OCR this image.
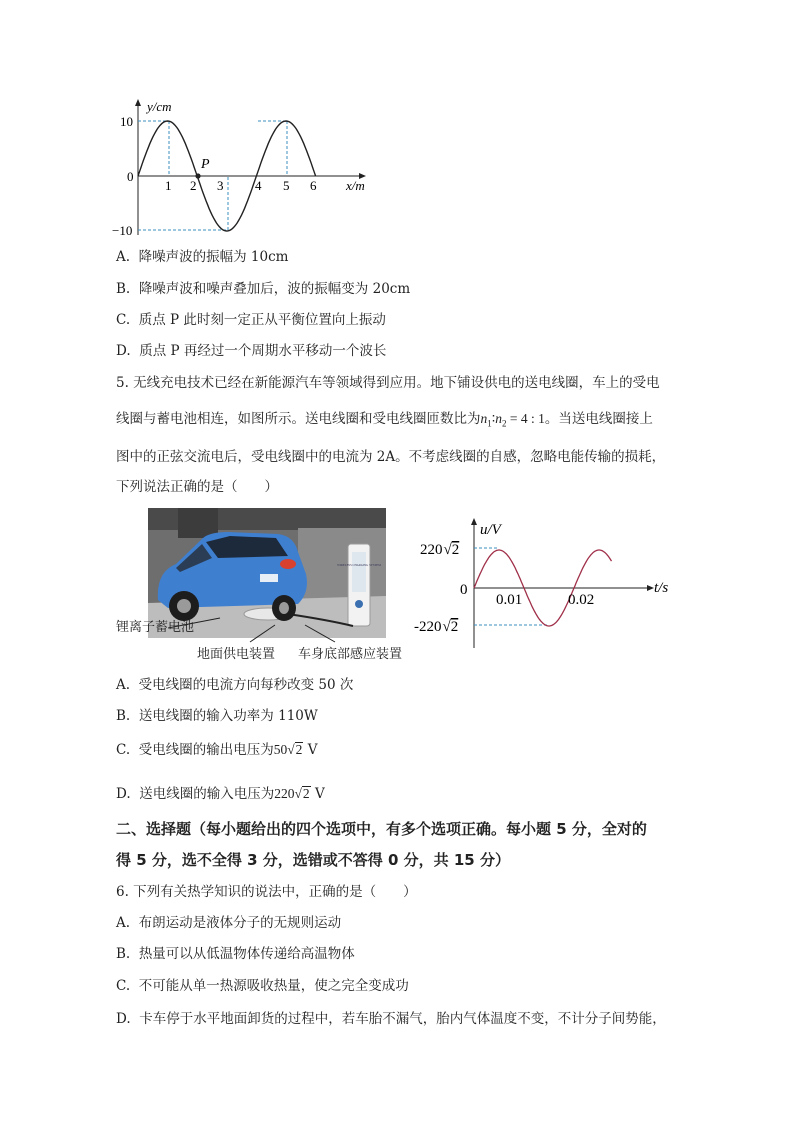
P
y/cm
x/m
10
0
−10
1 2 3 4 5 6
A. 降噪声波的振幅为 10cm
B. 降噪声波和噪声叠加后，波的振幅变为 20cm
C. 质点 P 此时刻一定正从平衡位置向上振动
D. 质点 P 再经过一个周期水平移动一个波长
5. 无线充电技术已经在新能源汽车等领域得到应用。地下铺设供电的送电线圈，车上的受电
线圈与蓄电池相连，如图所示。送电线圈和受电线圈匝数比为$n_1∶n_2 = 4$ : 1。当送电线圈接上
图中的正弦交流电后，受电线圈中的电流为 2A。不考虑线圈的自感，忽略电能传输的损耗，
下列说法正确的是（　　）
WIRELESS CHARGING SYSTEM
锂离子蓄电池
地面供电装置 车身底部感应装置
u/V
t/s
220√2
0
-220√2
0.01	0.02
A. 受电线圈的电流方向每秒改变 50 次
B. 送电线圈的输入功率为 110W
C. 受电线圈的输出电压为50√2 V
D. 送电线圈的输入电压为220√2 V
二、选择题（每小题给出的四个选项中，有多个选项正确。每小题 5 分，全对的
得 5 分，选不全得 3 分，选错或不答得 0 分，共 15 分）
6. 下列有关热学知识的说法中，正确的是（　　）
A. 布朗运动是液体分子的无规则运动
B. 热量可以从低温物体传递给高温物体
C. 不可能从单一热源吸收热量，使之完全变成功
D. 卡车停于水平地面卸货的过程中，若车胎不漏气，胎内气体温度不变，不计分子间势能，
